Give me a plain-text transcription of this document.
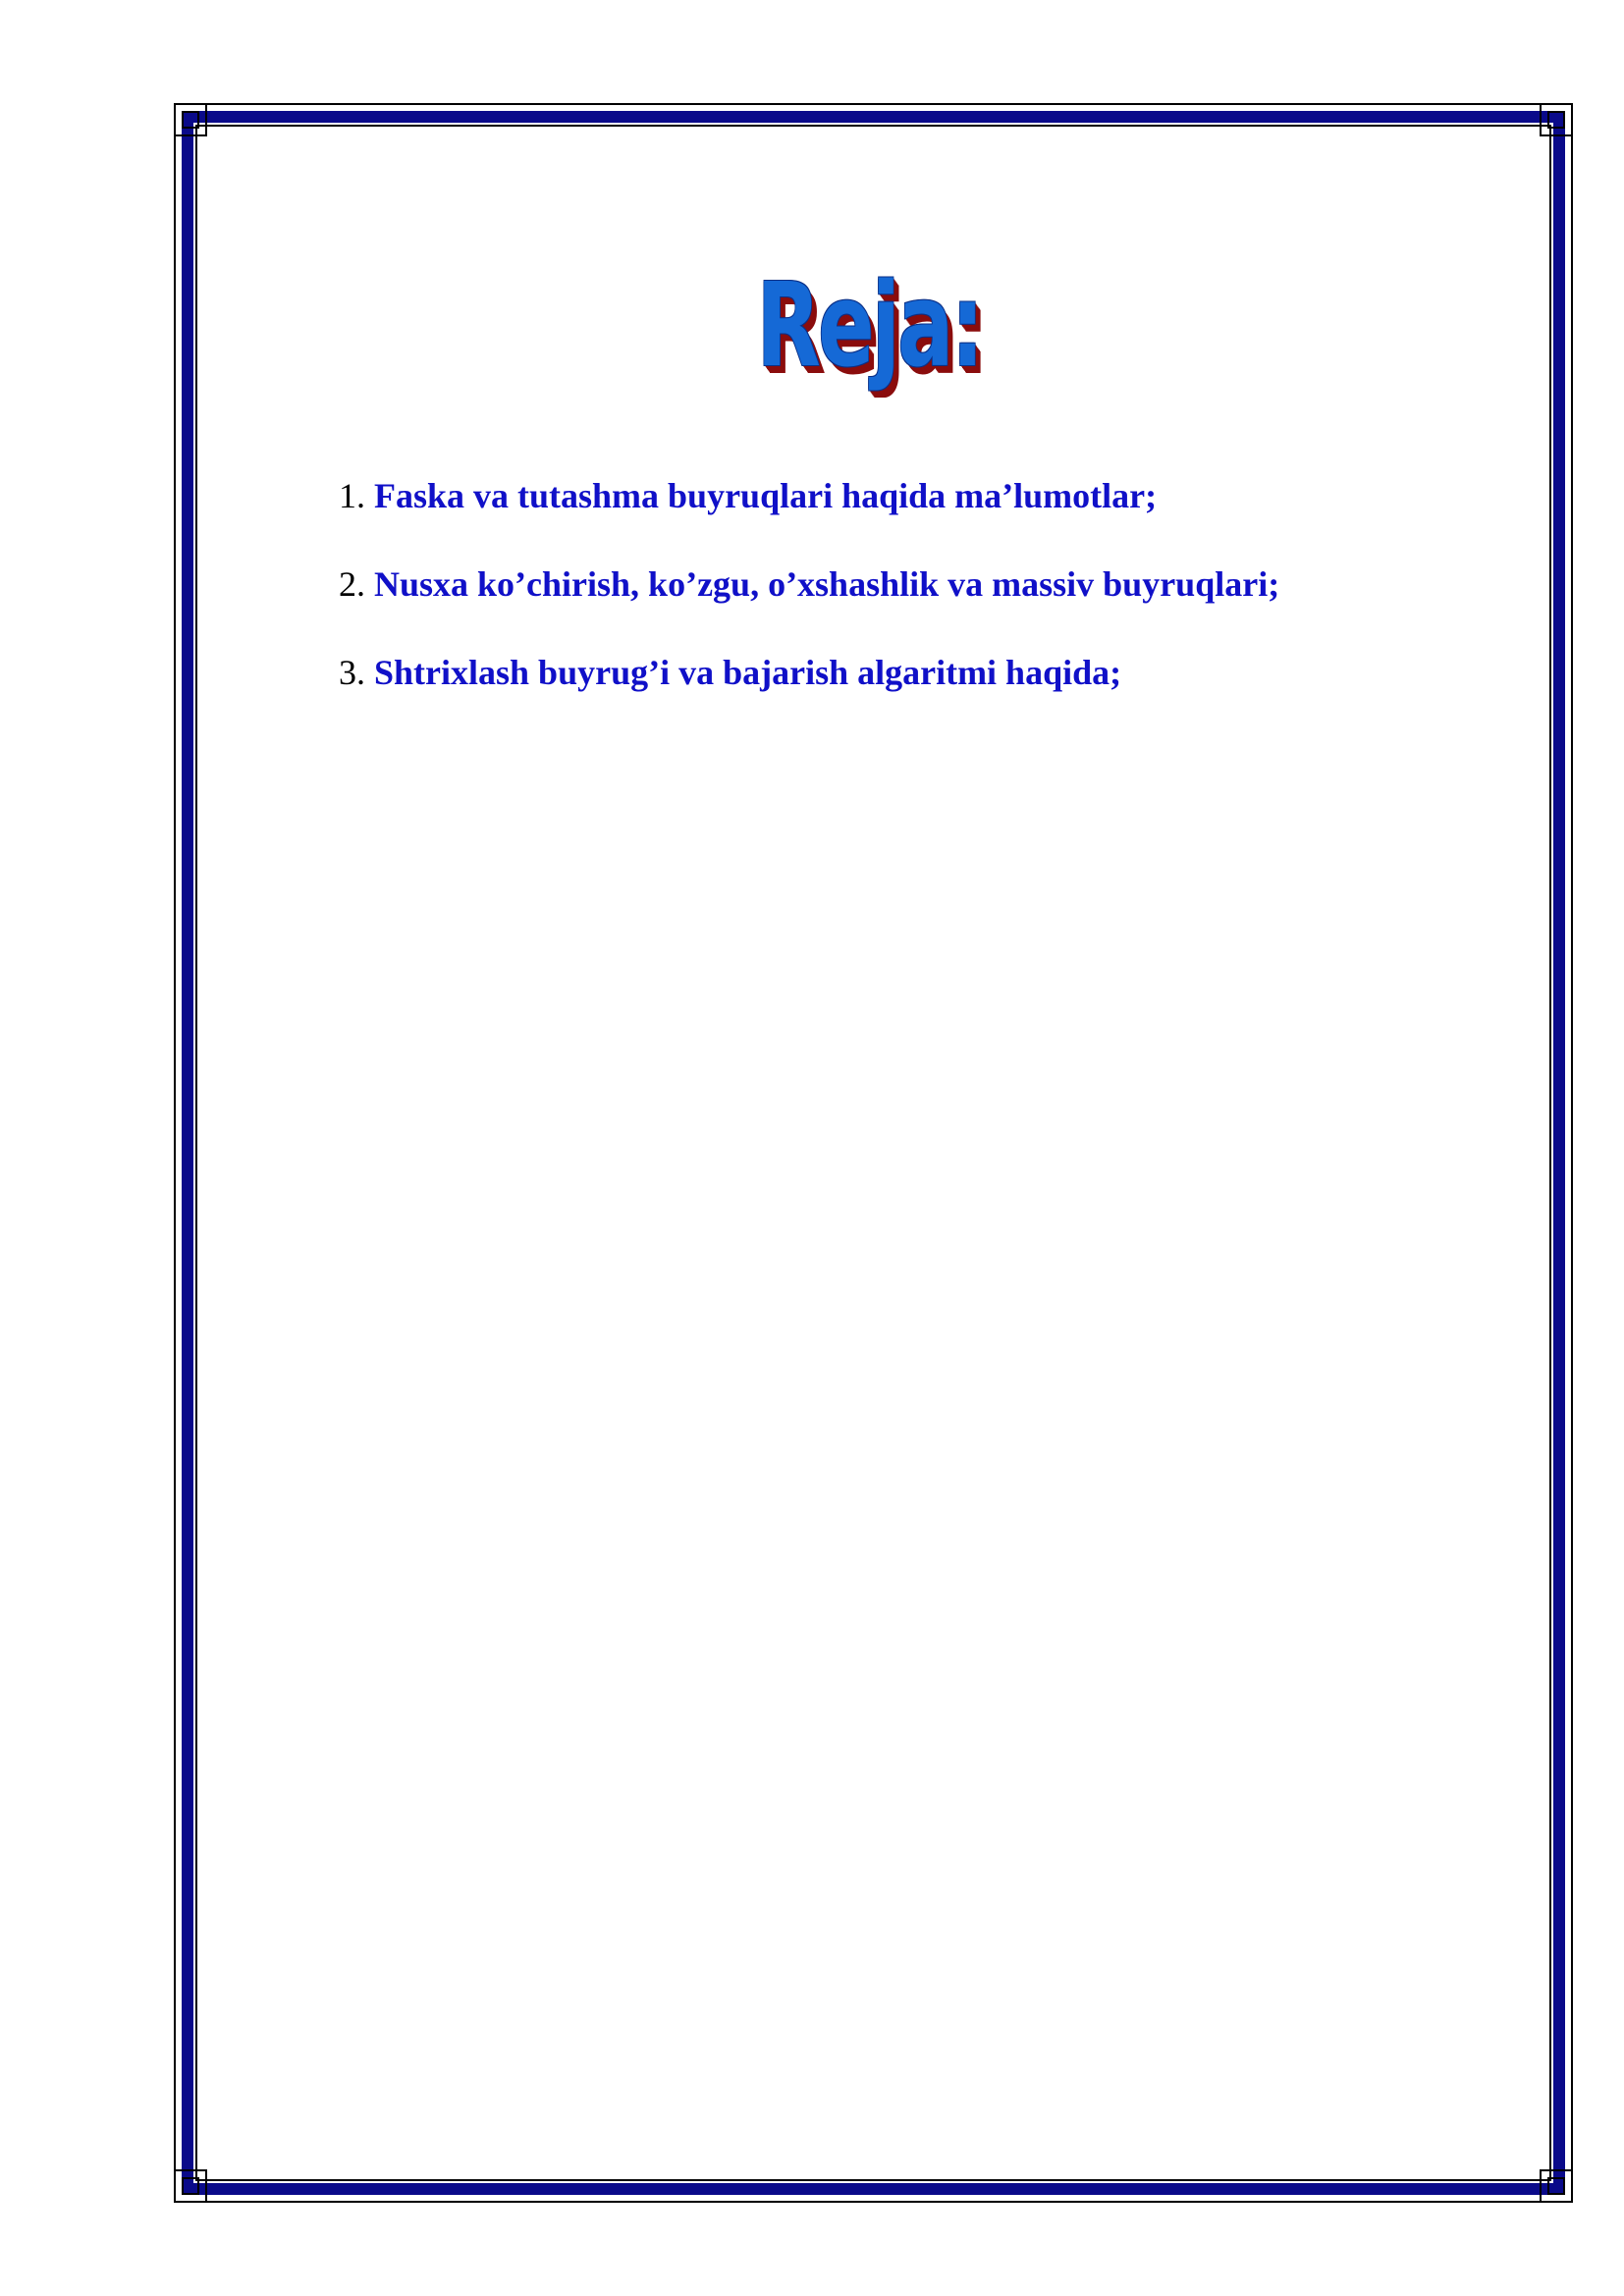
Reja:
1. Faska va tutashma buyruqlari haqida ma’lumotlar;
2. Nusxa ko’chirish, ko’zgu, o’xshashlik va massiv buyruqlari;
3. Shtrixlash buyrug’i va bajarish algaritmi haqida;
